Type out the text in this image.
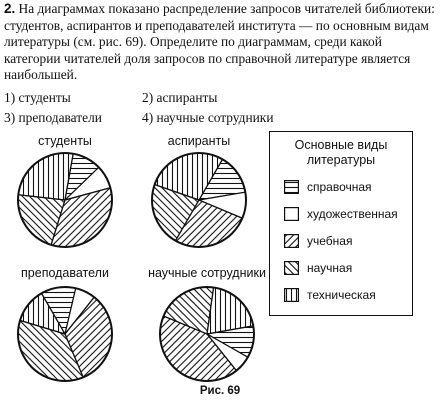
2. На диаграммах показано распределение запросов читателей библиотеки: студентов, аспирантов и преподавателей института — по основным видам литературы (см. рис. 69). Определите по диаграммам, среди какой категории читателей доля запросов по справочной литературе является наибольшей.

1) студенты	2) аспиранты
3) преподаватели	4) научные сотрудники
студенты	аспиранты
преподаватели	научные сотрудники
Основные виды
литературы
справочная
художественная
учебная
научная
техническая
Рис. 69
